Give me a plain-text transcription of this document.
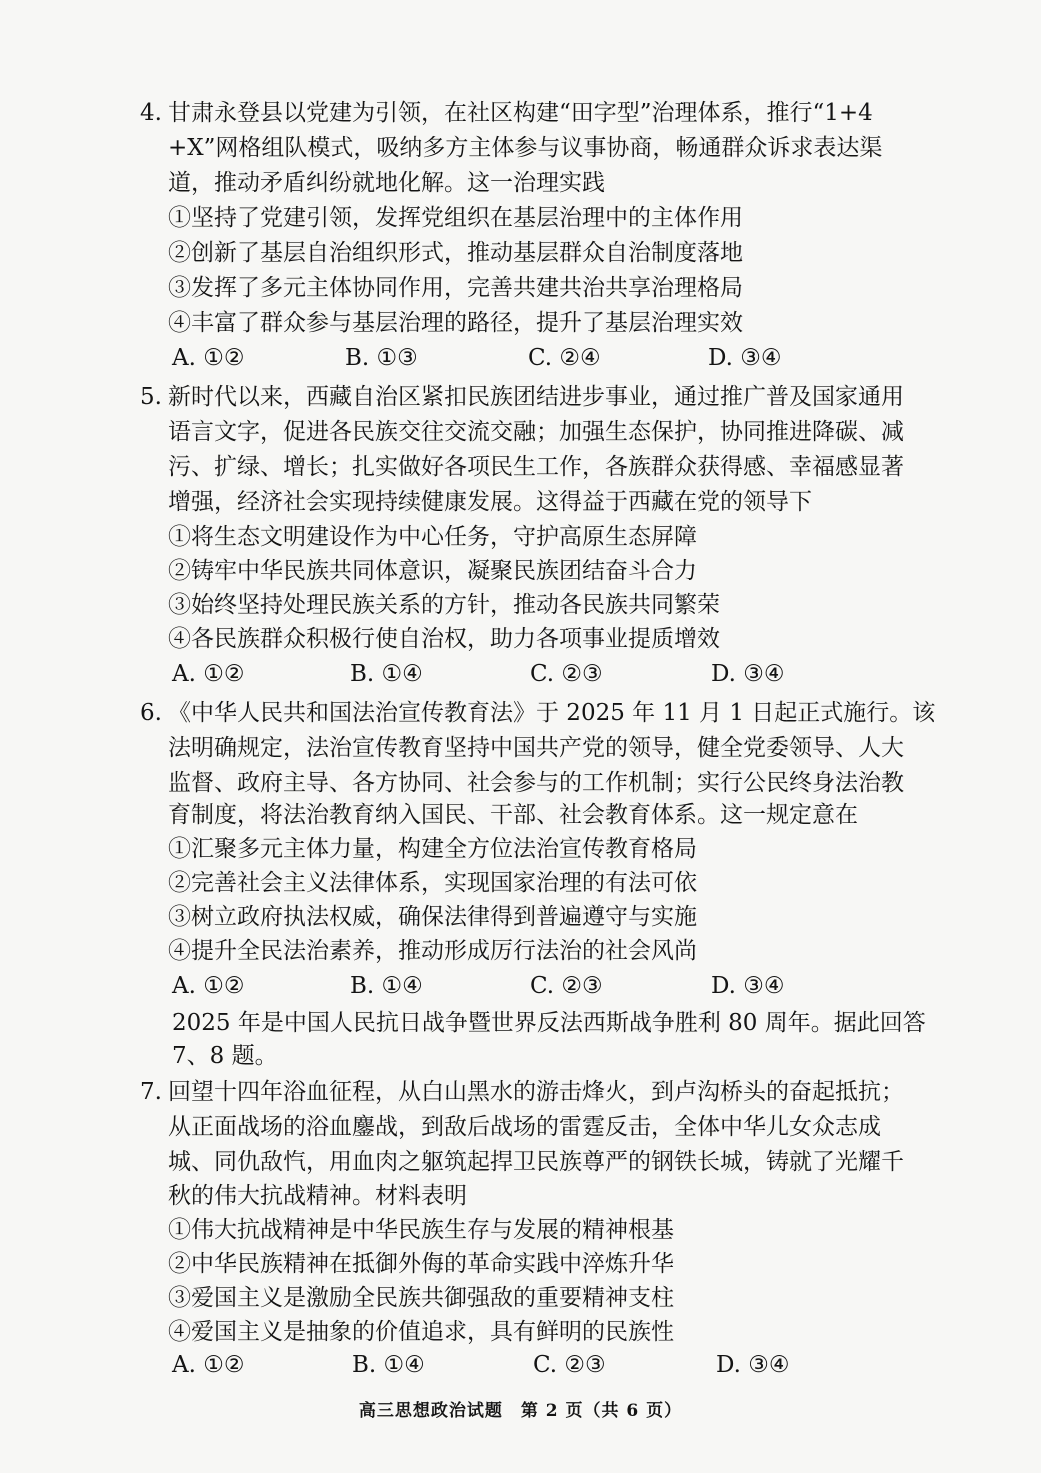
4. 甘肃永登县以党建为引领，在社区构建“田字型”治理体系，推行“1+4
+X”网格组队模式，吸纳多方主体参与议事协商，畅通群众诉求表达渠
道，推动矛盾纠纷就地化解。这一治理实践
①坚持了党建引领，发挥党组织在基层治理中的主体作用
②创新了基层自治组织形式，推动基层群众自治制度落地
③发挥了多元主体协同作用，完善共建共治共享治理格局
④丰富了群众参与基层治理的路径，提升了基层治理实效
A. ①②	B. ①③	C. ②④	D. ③④
5. 新时代以来，西藏自治区紧扣民族团结进步事业，通过推广普及国家通用
语言文字，促进各民族交往交流交融；加强生态保护，协同推进降碳、减
污、扩绿、增长；扎实做好各项民生工作，各族群众获得感、幸福感显著
增强，经济社会实现持续健康发展。这得益于西藏在党的领导下
①将生态文明建设作为中心任务，守护高原生态屏障
②铸牢中华民族共同体意识，凝聚民族团结奋斗合力
③始终坚持处理民族关系的方针，推动各民族共同繁荣
④各民族群众积极行使自治权，助力各项事业提质增效
A. ①②	B. ①④	C. ②③	D. ③④
6. 《中华人民共和国法治宣传教育法》于 2025 年 11 月 1 日起正式施行。该
法明确规定，法治宣传教育坚持中国共产党的领导，健全党委领导、人大
监督、政府主导、各方协同、社会参与的工作机制；实行公民终身法治教
育制度，将法治教育纳入国民、干部、社会教育体系。这一规定意在
①汇聚多元主体力量，构建全方位法治宣传教育格局
②完善社会主义法律体系，实现国家治理的有法可依
③树立政府执法权威，确保法律得到普遍遵守与实施
④提升全民法治素养，推动形成厉行法治的社会风尚
A. ①②	B. ①④	C. ②③	D. ③④
2025 年是中国人民抗日战争暨世界反法西斯战争胜利 80 周年。据此回答
7、8 题。
7. 回望十四年浴血征程，从白山黑水的游击烽火，到卢沟桥头的奋起抵抗；
从正面战场的浴血鏖战，到敌后战场的雷霆反击，全体中华儿女众志成
城、同仇敌忾，用血肉之躯筑起捍卫民族尊严的钢铁长城，铸就了光耀千
秋的伟大抗战精神。材料表明
①伟大抗战精神是中华民族生存与发展的精神根基
②中华民族精神在抵御外侮的革命实践中淬炼升华
③爱国主义是激励全民族共御强敌的重要精神支柱
④爱国主义是抽象的价值追求，具有鲜明的民族性
A. ①②	B. ①④	C. ②③	D. ③④
高三思想政治试题　第 2 页（共 6 页）
